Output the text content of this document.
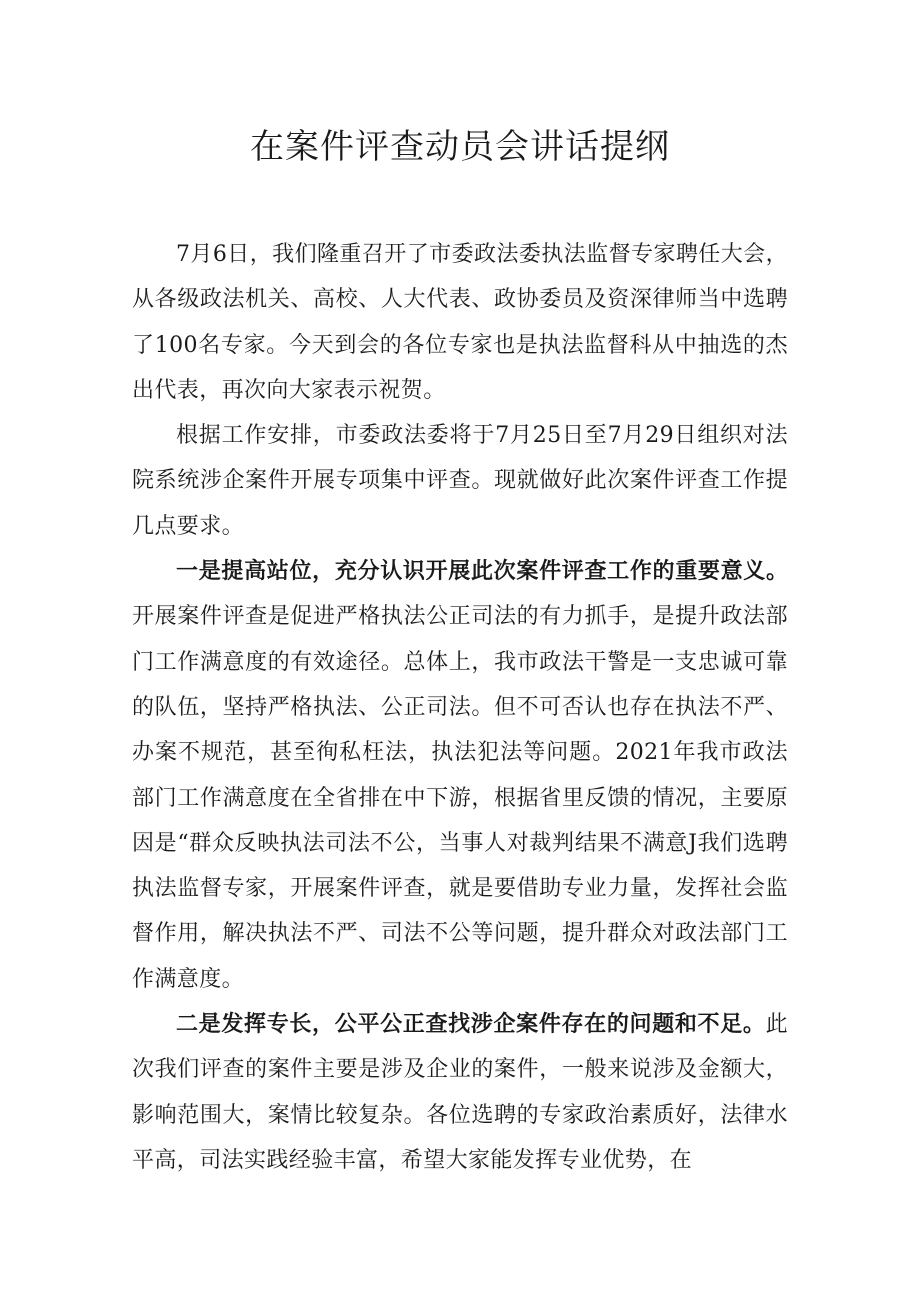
在案件评查动员会讲话提纲

7月6日，我们隆重召开了市委政法委执法监督专家聘任大会，从各级政法机关、高校、人大代表、政协委员及资深律师当中选聘了100名专家。今天到会的各位专家也是执法监督科从中抽选的杰出代表，再次向大家表示祝贺。

根据工作安排，市委政法委将于7月25日至7月29日组织对法院系统涉企案件开展专项集中评查。现就做好此次案件评查工作提几点要求。

一是提高站位，充分认识开展此次案件评查工作的重要意义。开展案件评查是促进严格执法公正司法的有力抓手，是提升政法部门工作满意度的有效途径。总体上，我市政法干警是一支忠诚可靠的队伍，坚持严格执法、公正司法。但不可否认也存在执法不严、办案不规范，甚至徇私枉法，执法犯法等问题。2021年我市政法部门工作满意度在全省排在中下游，根据省里反馈的情况，主要原因是“群众反映执法司法不公，当事人对裁判结果不满意J我们选聘执法监督专家，开展案件评查，就是要借助专业力量，发挥社会监督作用，解决执法不严、司法不公等问题，提升群众对政法部门工作满意度。

二是发挥专长，公平公正查找涉企案件存在的问题和不足。此次我们评查的案件主要是涉及企业的案件，一般来说涉及金额大，影响范围大，案情比较复杂。各位选聘的专家政治素质好，法律水平高，司法实践经验丰富，希望大家能发挥专业优势，在
